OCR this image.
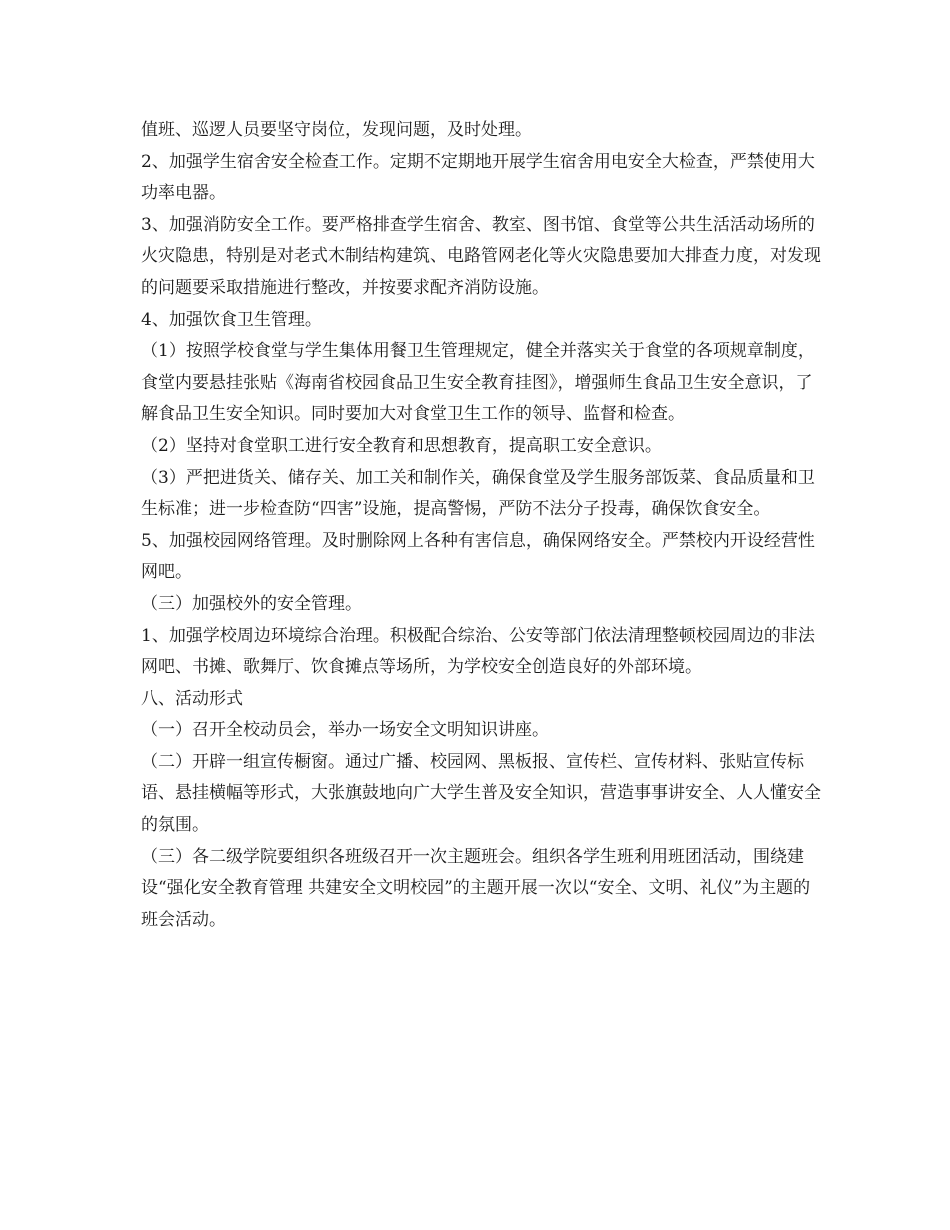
值班、巡逻人员要坚守岗位，发现问题，及时处理。

2、加强学生宿舍安全检查工作。定期不定期地开展学生宿舍用电安全大检查，严禁使用大功率电器。

3、加强消防安全工作。要严格排查学生宿舍、教室、图书馆、食堂等公共生活活动场所的火灾隐患，特别是对老式木制结构建筑、电路管网老化等火灾隐患要加大排查力度，对发现的问题要采取措施进行整改，并按要求配齐消防设施。

4、加强饮食卫生管理。

（1）按照学校食堂与学生集体用餐卫生管理规定，健全并落实关于食堂的各项规章制度，食堂内要悬挂张贴《海南省校园食品卫生安全教育挂图》，增强师生食品卫生安全意识，了解食品卫生安全知识。同时要加大对食堂卫生工作的领导、监督和检查。

（2）坚持对食堂职工进行安全教育和思想教育，提高职工安全意识。

（3）严把进货关、储存关、加工关和制作关，确保食堂及学生服务部饭菜、食品质量和卫生标准；进一步检查防“四害”设施，提高警惕，严防不法分子投毒，确保饮食安全。

5、加强校园网络管理。及时删除网上各种有害信息，确保网络安全。严禁校内开设经营性网吧。

（三）加强校外的安全管理。

1、加强学校周边环境综合治理。积极配合综治、公安等部门依法清理整顿校园周边的非法网吧、书摊、歌舞厅、饮食摊点等场所，为学校安全创造良好的外部环境。

八、活动形式

（一）召开全校动员会，举办一场安全文明知识讲座。

（二）开辟一组宣传橱窗。通过广播、校园网、黑板报、宣传栏、宣传材料、张贴宣传标语、悬挂横幅等形式，大张旗鼓地向广大学生普及安全知识，营造事事讲安全、人人懂安全的氛围。

（三）各二级学院要组织各班级召开一次主题班会。组织各学生班利用班团活动，围绕建设“强化安全教育管理 共建安全文明校园”的主题开展一次以“安全、文明、礼仪”为主题的班会活动。
